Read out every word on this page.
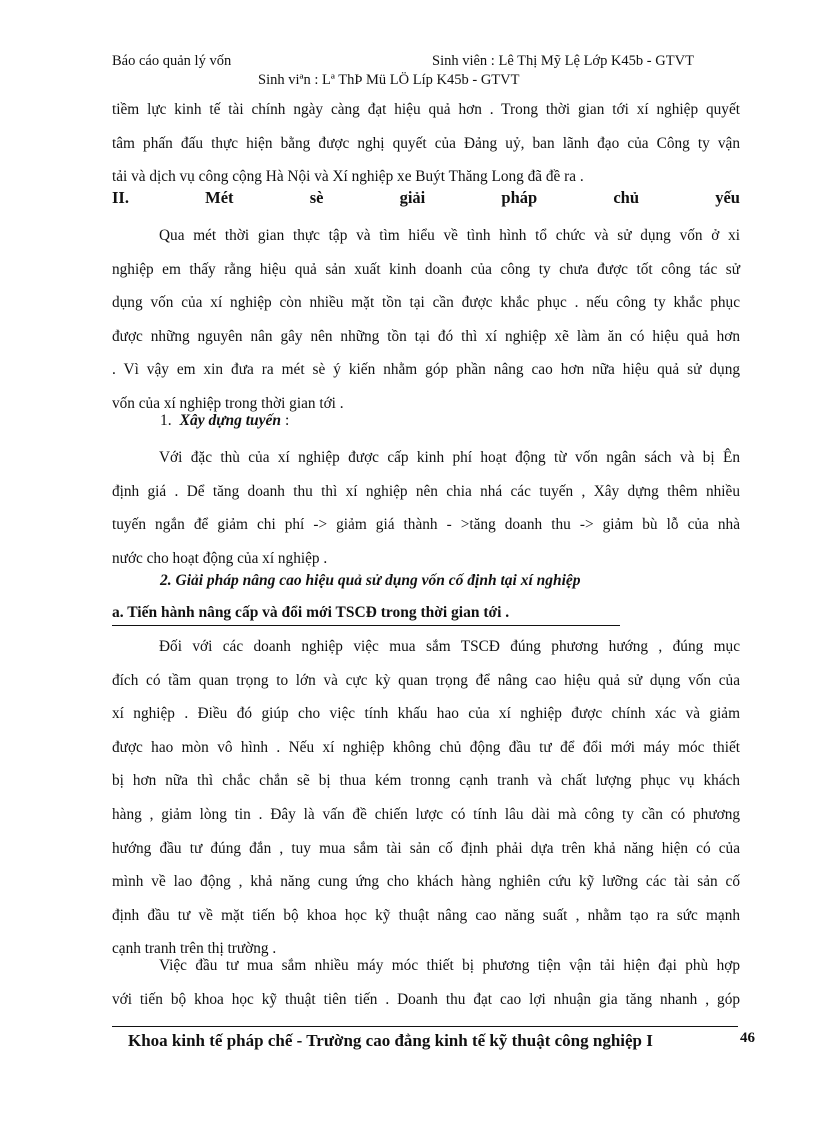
Báo cáo quản lý vốn	Sinh viên : Lê Thị Mỹ Lệ Lớp K45b - GTVT
Sinh viªn : Lª ThÞ Mü LÖ Líp K45b - GTVT
tiềm lực kinh tế tài chính ngày càng đạt hiệu quả hơn . Trong thời gian tới xí nghiệp quyết
tâm phấn đấu thực hiện bằng được nghị quyết của Đảng uỷ, ban lãnh đạo của Công ty vận
tải và dịch vụ công cộng Hà Nội và Xí nghiệp xe Buýt Thăng Long đã đề ra .
II.	Mét	sè	giải	pháp	chủ	yếu
Qua mét thời gian thực tập và tìm hiểu về tình hình tổ chức và sử dụng vốn ở xi
nghiệp em thấy rằng hiệu quả sản xuất kinh doanh của công ty chưa được tốt công tác sử
dụng vốn của xí nghiệp còn nhiều mặt tồn tại cần được khắc phục . nếu công ty khắc phục
được những nguyên nân gây nên những tồn tại đó thì xí nghiệp xẽ làm ăn có hiệu quả hơn
. Vì vậy em xin đưa ra mét sè ý kiến nhằm góp phần nâng cao hơn nữa hiệu quả sử dụng
vốn của xí nghiệp trong thời gian tới .
1. Xây dựng tuyến :
Với đặc thù của xí nghiệp được cấp kinh phí hoạt động từ vốn ngân sách và bị Ên
định giá . Dể tăng doanh thu thì xí nghiệp nên chia nhá các tuyến , Xây dựng thêm nhiều
tuyến ngắn để giảm chi phí -> giảm giá thành - >tăng doanh thu -> giảm bù lỗ của nhà
nước cho hoạt động của xí nghiệp .
2. Giải pháp nâng cao hiệu quả sử dụng vốn cố định tại xí nghiệp
a. Tiến hành nâng cấp và đổi mới TSCĐ trong thời gian tới .
Đối với các doanh nghiệp việc mua sắm TSCĐ đúng phương hướng , đúng mục
đích có tầm quan trọng to lớn và cực kỳ quan trọng để nâng cao hiệu quả sử dụng vốn của
xí nghiệp . Điều đó giúp cho việc tính khấu hao của xí nghiệp được chính xác và giảm
được hao mòn vô hình . Nếu xí nghiệp không chủ động đầu tư để đổi mới máy móc thiết
bị hơn nữa thì chắc chắn sẽ bị thua kém tronng cạnh tranh và chất lượng phục vụ khách
hàng , giảm lòng tin . Đây là vấn đề chiến lược có tính lâu dài mà công ty cần có phương
hướng đầu tư đúng đắn , tuy mua sắm tài sản cố định phải dựa trên khả năng hiện có của
mình về lao động , khả năng cung ứng cho khách hàng nghiên cứu kỹ lưỡng các tài sản cố
định đầu tư về mặt tiến bộ khoa học kỹ thuật nâng cao năng suất , nhằm tạo ra sức mạnh
cạnh tranh trên thị trường .
Việc đầu tư mua sắm nhiều máy móc thiết bị phương tiện vận tải hiện đại phù hợp
với tiến bộ khoa học kỹ thuật tiên tiến . Doanh thu đạt cao lợi nhuận gia tăng nhanh , góp
Khoa kinh tế pháp chế - Trường cao đẳng kinh tế kỹ thuật công nghiệp I	46
